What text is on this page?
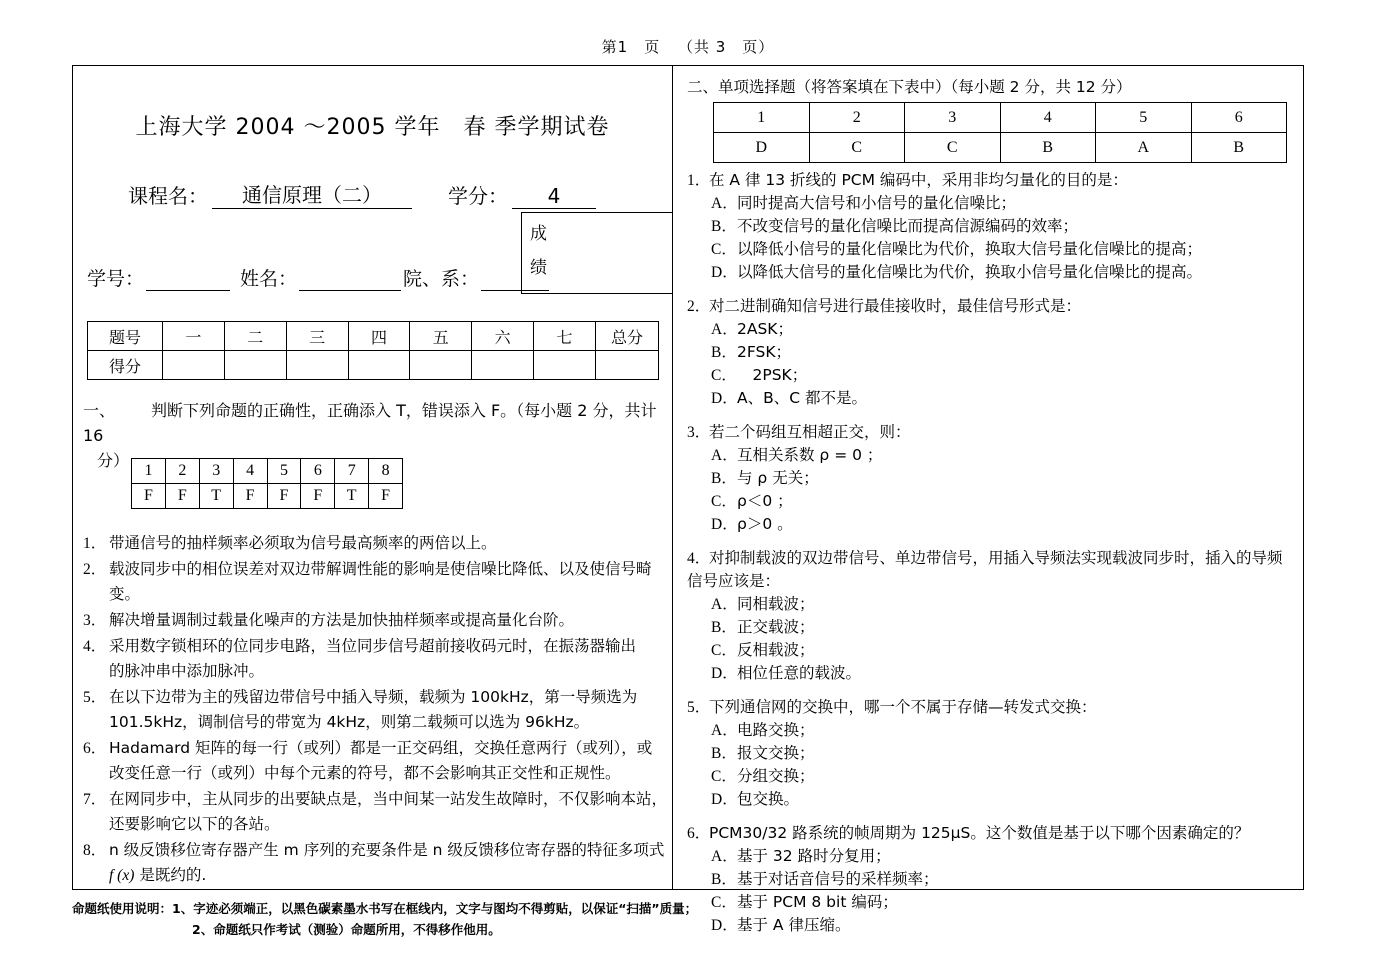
第1　页 （共 3　页）
上海大学 2004 ～2005 学年　春 季学期试卷
课程名：	通信原理（二）	学分：	4
成
绩
学号：	姓名：	院、系：
题号	一	二	三	四	五	六	七	总分
得分								
一、 判断下列命题的正确性，正确添入 T，错误添入 F。（每小题 2 分，共计 16
分）
1	2	3	4	5	6	7	8
F	F	T	F	F	F	T	F
1． 带通信号的抽样频率必须取为信号最高频率的两倍以上。
2． 载波同步中的相位误差对双边带解调性能的影响是使信噪比降低、以及使信号畸
变。
3． 解决增量调制过载量化噪声的方法是加快抽样频率或提高量化台阶。
4． 采用数字锁相环的位同步电路，当位同步信号超前接收码元时，在振荡器输出
的脉冲串中添加脉冲。
5． 在以下边带为主的残留边带信号中插入导频，载频为 100kHz，第一导频选为
101.5kHz，调制信号的带宽为 4kHz，则第二载频可以选为 96kHz。
6． Hadamard 矩阵的每一行（或列）都是一正交码组，交换任意两行（或列），或
改变任意一行（或列）中每个元素的符号，都不会影响其正交性和正规性。
7． 在网同步中，主从同步的出要缺点是，当中间某一站发生故障时，不仅影响本站，
还要影响它以下的各站。
8． n 级反馈移位寄存器产生 m 序列的充要条件是 n 级反馈移位寄存器的特征多项式
f (x) 是既约的.
二、单项选择题（将答案填在下表中）（每小题 2 分，共 12 分）
1	2	3	4	5	6
D	C	C	B	A	B
1．
在 A 律 13 折线的 PCM 编码中，采用非均匀量化的目的是：
A． 同时提高大信号和小信号的量化信噪比；
B． 不改变信号的量化信噪比而提高信源编码的效率；
C． 以降低小信号的量化信噪比为代价，换取大信号量化信噪比的提高；
D． 以降低大信号的量化信噪比为代价，换取小信号量化信噪比的提高。
2．
对二进制确知信号进行最佳接收时，最佳信号形式是：
A． 2ASK；
B． 2FSK；
C． 　2PSK；
D． A、B、C 都不是。
3．
若二个码组互相超正交，则：
A． 互相关系数 ρ = 0 ；
B． 与 ρ 无关；
C． ρ＜0 ；
D． ρ＞0 。
4．
对抑制载波的双边带信号、单边带信号，用插入导频法实现载波同步时，插入的导频
信号应该是：
A． 同相载波；
B． 正交载波；
C． 反相载波；
D． 相位任意的载波。
5．
下列通信网的交换中，哪一个不属于存储—转发式交换：
A． 电路交换；
B． 报文交换；
C． 分组交换；
D． 包交换。
6．
PCM30/32 路系统的帧周期为 125μS。这个数值是基于以下哪个因素确定的？
A． 基于 32 路时分复用；
B． 基于对话音信号的采样频率；
C． 基于 PCM 8 bit 编码；
D． 基于 A 律压缩。
命题纸使用说明：1、字迹必须端正，以黑色碳素墨水书写在框线内，文字与图均不得剪贴，以保证“扫描”质量；
2、命题纸只作考试（测验）命题所用，不得移作他用。
